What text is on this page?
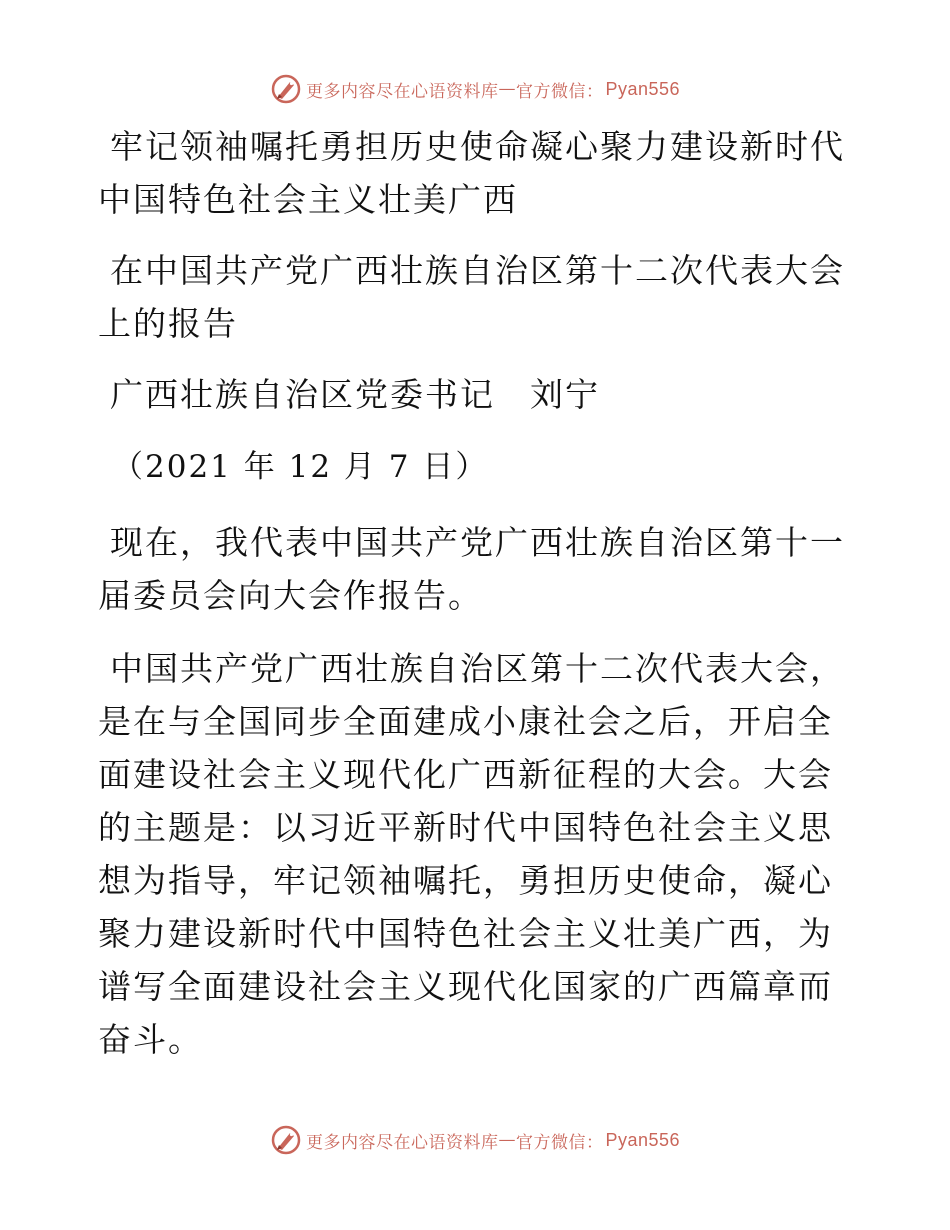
更多内容尽在心语资料库 — 官方微信： Pyan556

牢记领袖嘱托勇担历史使命凝心聚力建设新时代中国特色社会主义壮美广西

在中国共产党广西壮族自治区第十二次代表大会上的报告

广西壮族自治区党委书记　刘宁

（2021 年 12 月 7 日）

现在，我代表中国共产党广西壮族自治区第十一届委员会向大会作报告。

中国共产党广西壮族自治区第十二次代表大会，是在与全国同步全面建成小康社会之后，开启全面建设社会主义现代化广西新征程的大会。大会的主题是：以习近平新时代中国特色社会主义思想为指导，牢记领袖嘱托，勇担历史使命，凝心聚力建设新时代中国特色社会主义壮美广西，为谱写全面建设社会主义现代化国家的广西篇章而奋斗。

更多内容尽在心语资料库 — 官方微信： Pyan556
